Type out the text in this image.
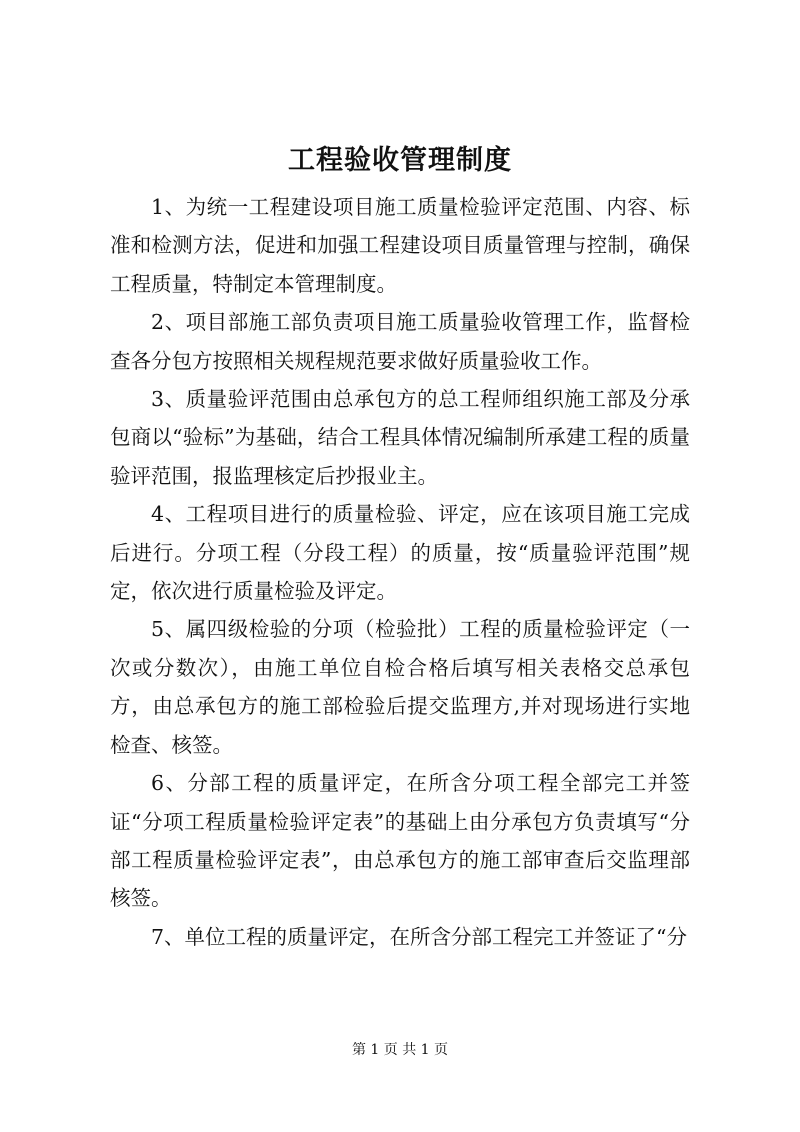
工程验收管理制度

1、为统一工程建设项目施工质量检验评定范围、内容、标准和检测方法，促进和加强工程建设项目质量管理与控制，确保工程质量，特制定本管理制度。

2、项目部施工部负责项目施工质量验收管理工作，监督检查各分包方按照相关规程规范要求做好质量验收工作。

3、质量验评范围由总承包方的总工程师组织施工部及分承包商以“验标”为基础，结合工程具体情况编制所承建工程的质量验评范围，报监理核定后抄报业主。

4、工程项目进行的质量检验、评定，应在该项目施工完成后进行。分项工程（分段工程）的质量，按“质量验评范围”规定，依次进行质量检验及评定。

5、属四级检验的分项（检验批）工程的质量检验评定（一次或分数次），由施工单位自检合格后填写相关表格交总承包方，由总承包方的施工部检验后提交监理方,并对现场进行实地检查、核签。

6、分部工程的质量评定，在所含分项工程全部完工并签证“分项工程质量检验评定表”的基础上由分承包方负责填写“分部工程质量检验评定表”，由总承包方的施工部审查后交监理部核签。

7、单位工程的质量评定，在所含分部工程完工并签证了“分

第 1 页 共 1 页
